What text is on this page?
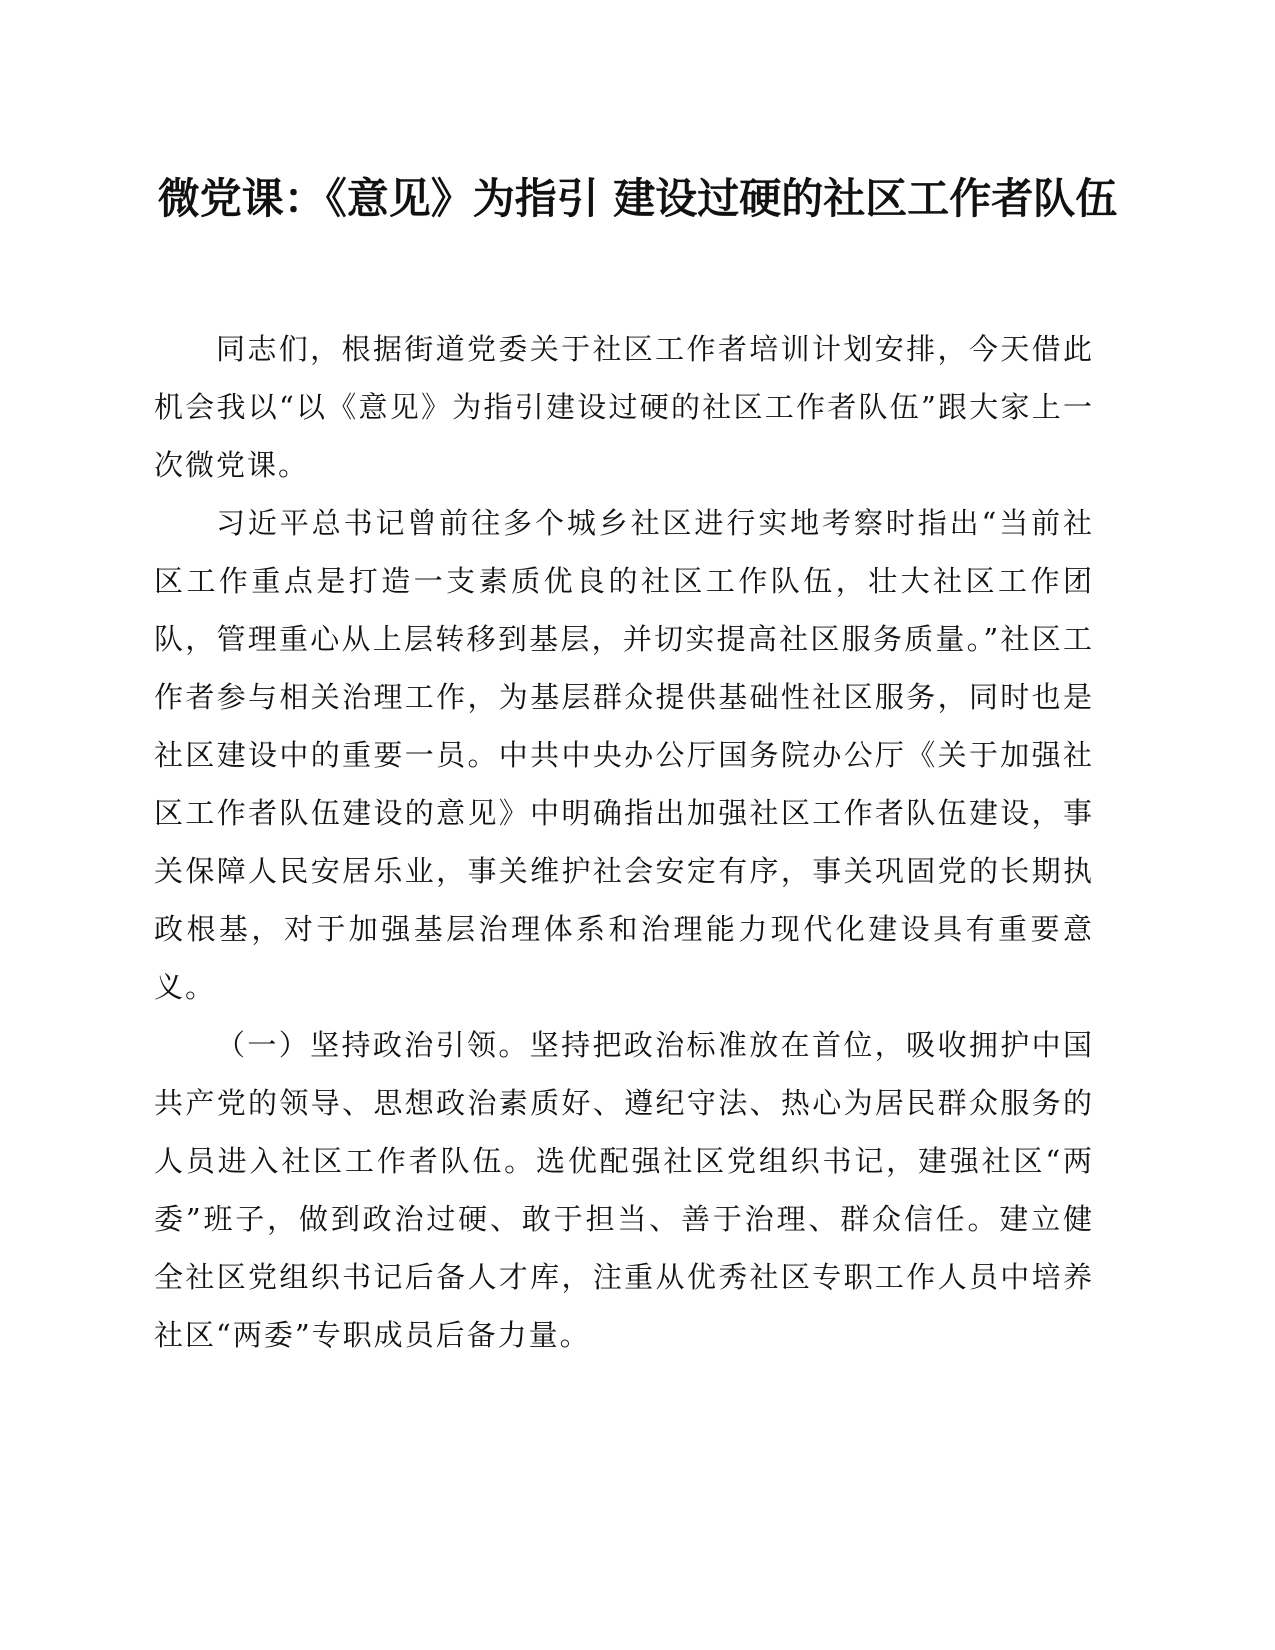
微党课：《意见》为指引 建设过硬的社区工作者队伍

同志们，根据街道党委关于社区工作者培训计划安排，今天借此机会我以“以《意见》为指引建设过硬的社区工作者队伍”跟大家上一次微党课。

习近平总书记曾前往多个城乡社区进行实地考察时指出“当前社区工作重点是打造一支素质优良的社区工作队伍，壮大社区工作团队，管理重心从上层转移到基层，并切实提高社区服务质量。”社区工作者参与相关治理工作，为基层群众提供基础性社区服务，同时也是社区建设中的重要一员。中共中央办公厅国务院办公厅《关于加强社区工作者队伍建设的意见》中明确指出加强社区工作者队伍建设，事关保障人民安居乐业，事关维护社会安定有序，事关巩固党的长期执政根基，对于加强基层治理体系和治理能力现代化建设具有重要意义。

（一）坚持政治引领。坚持把政治标准放在首位，吸收拥护中国共产党的领导、思想政治素质好、遵纪守法、热心为居民群众服务的人员进入社区工作者队伍。选优配强社区党组织书记，建强社区“两委”班子，做到政治过硬、敢于担当、善于治理、群众信任。建立健全社区党组织书记后备人才库，注重从优秀社区专职工作人员中培养社区“两委”专职成员后备力量。
